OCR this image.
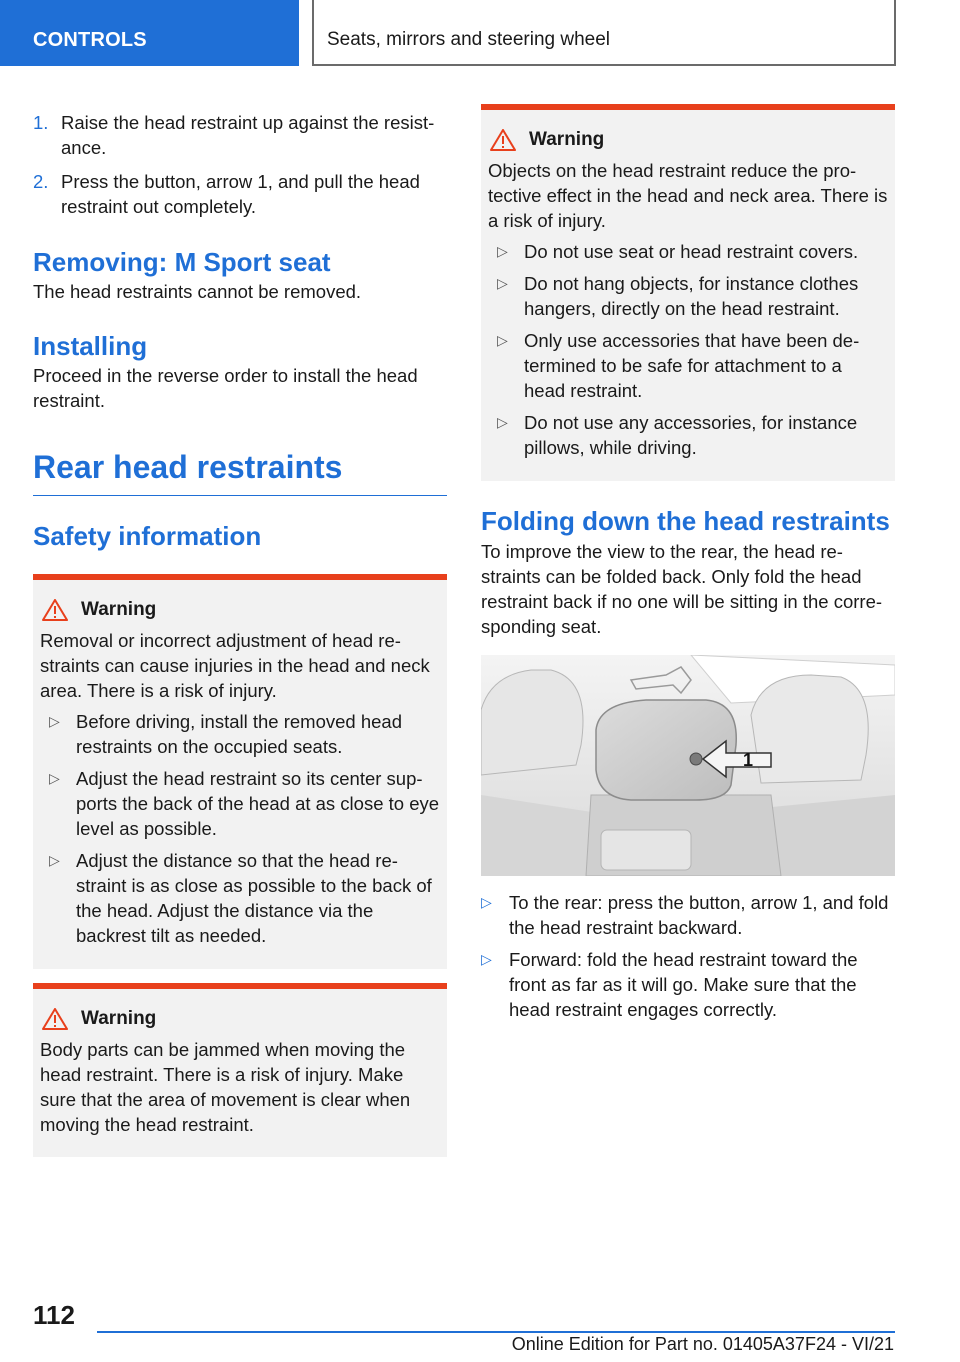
CONTROLS	Seats, mirrors and steering wheel
1. Raise the head restraint up against the resist- ance.
2. Press the button, arrow 1, and pull the head restraint out completely.
Removing: M Sport seat

The head restraints cannot be removed.

Installing

Proceed in the reverse order to install the head restraint.

Rear head restraints
Safety information
Warning

Removal or incorrect adjustment of head re- straints can cause injuries in the head and neck area. There is a risk of injury.

▷ Before driving, install the removed head restraints on the occupied seats.
▷ Adjust the head restraint so its center sup- ports the back of the head at as close to eye level as possible.
▷ Adjust the distance so that the head re- straint is as close as possible to the back of the head. Adjust the distance via the backrest tilt as needed.
Warning

Body parts can be jammed when moving the head restraint. There is a risk of injury. Make sure that the area of movement is clear when moving the head restraint.

Warning

Objects on the head restraint reduce the pro- tective effect in the head and neck area. There is a risk of injury.

▷ Do not use seat or head restraint covers.
▷ Do not hang objects, for instance clothes hangers, directly on the head restraint.
▷ Only use accessories that have been de- termined to be safe for attachment to a head restraint.
▷ Do not use any accessories, for instance pillows, while driving.
Folding down the head restraints

To improve the view to the rear, the head re- straints can be folded back. Only fold the head restraint back if no one will be sitting in the corre- sponding seat.

1
▷ To the rear: press the button, arrow 1, and fold the head restraint backward.
▷ Forward: fold the head restraint toward the front as far as it will go. Make sure that the head restraint engages correctly.
112
Online Edition for Part no. 01405A37F24 - VI/21
